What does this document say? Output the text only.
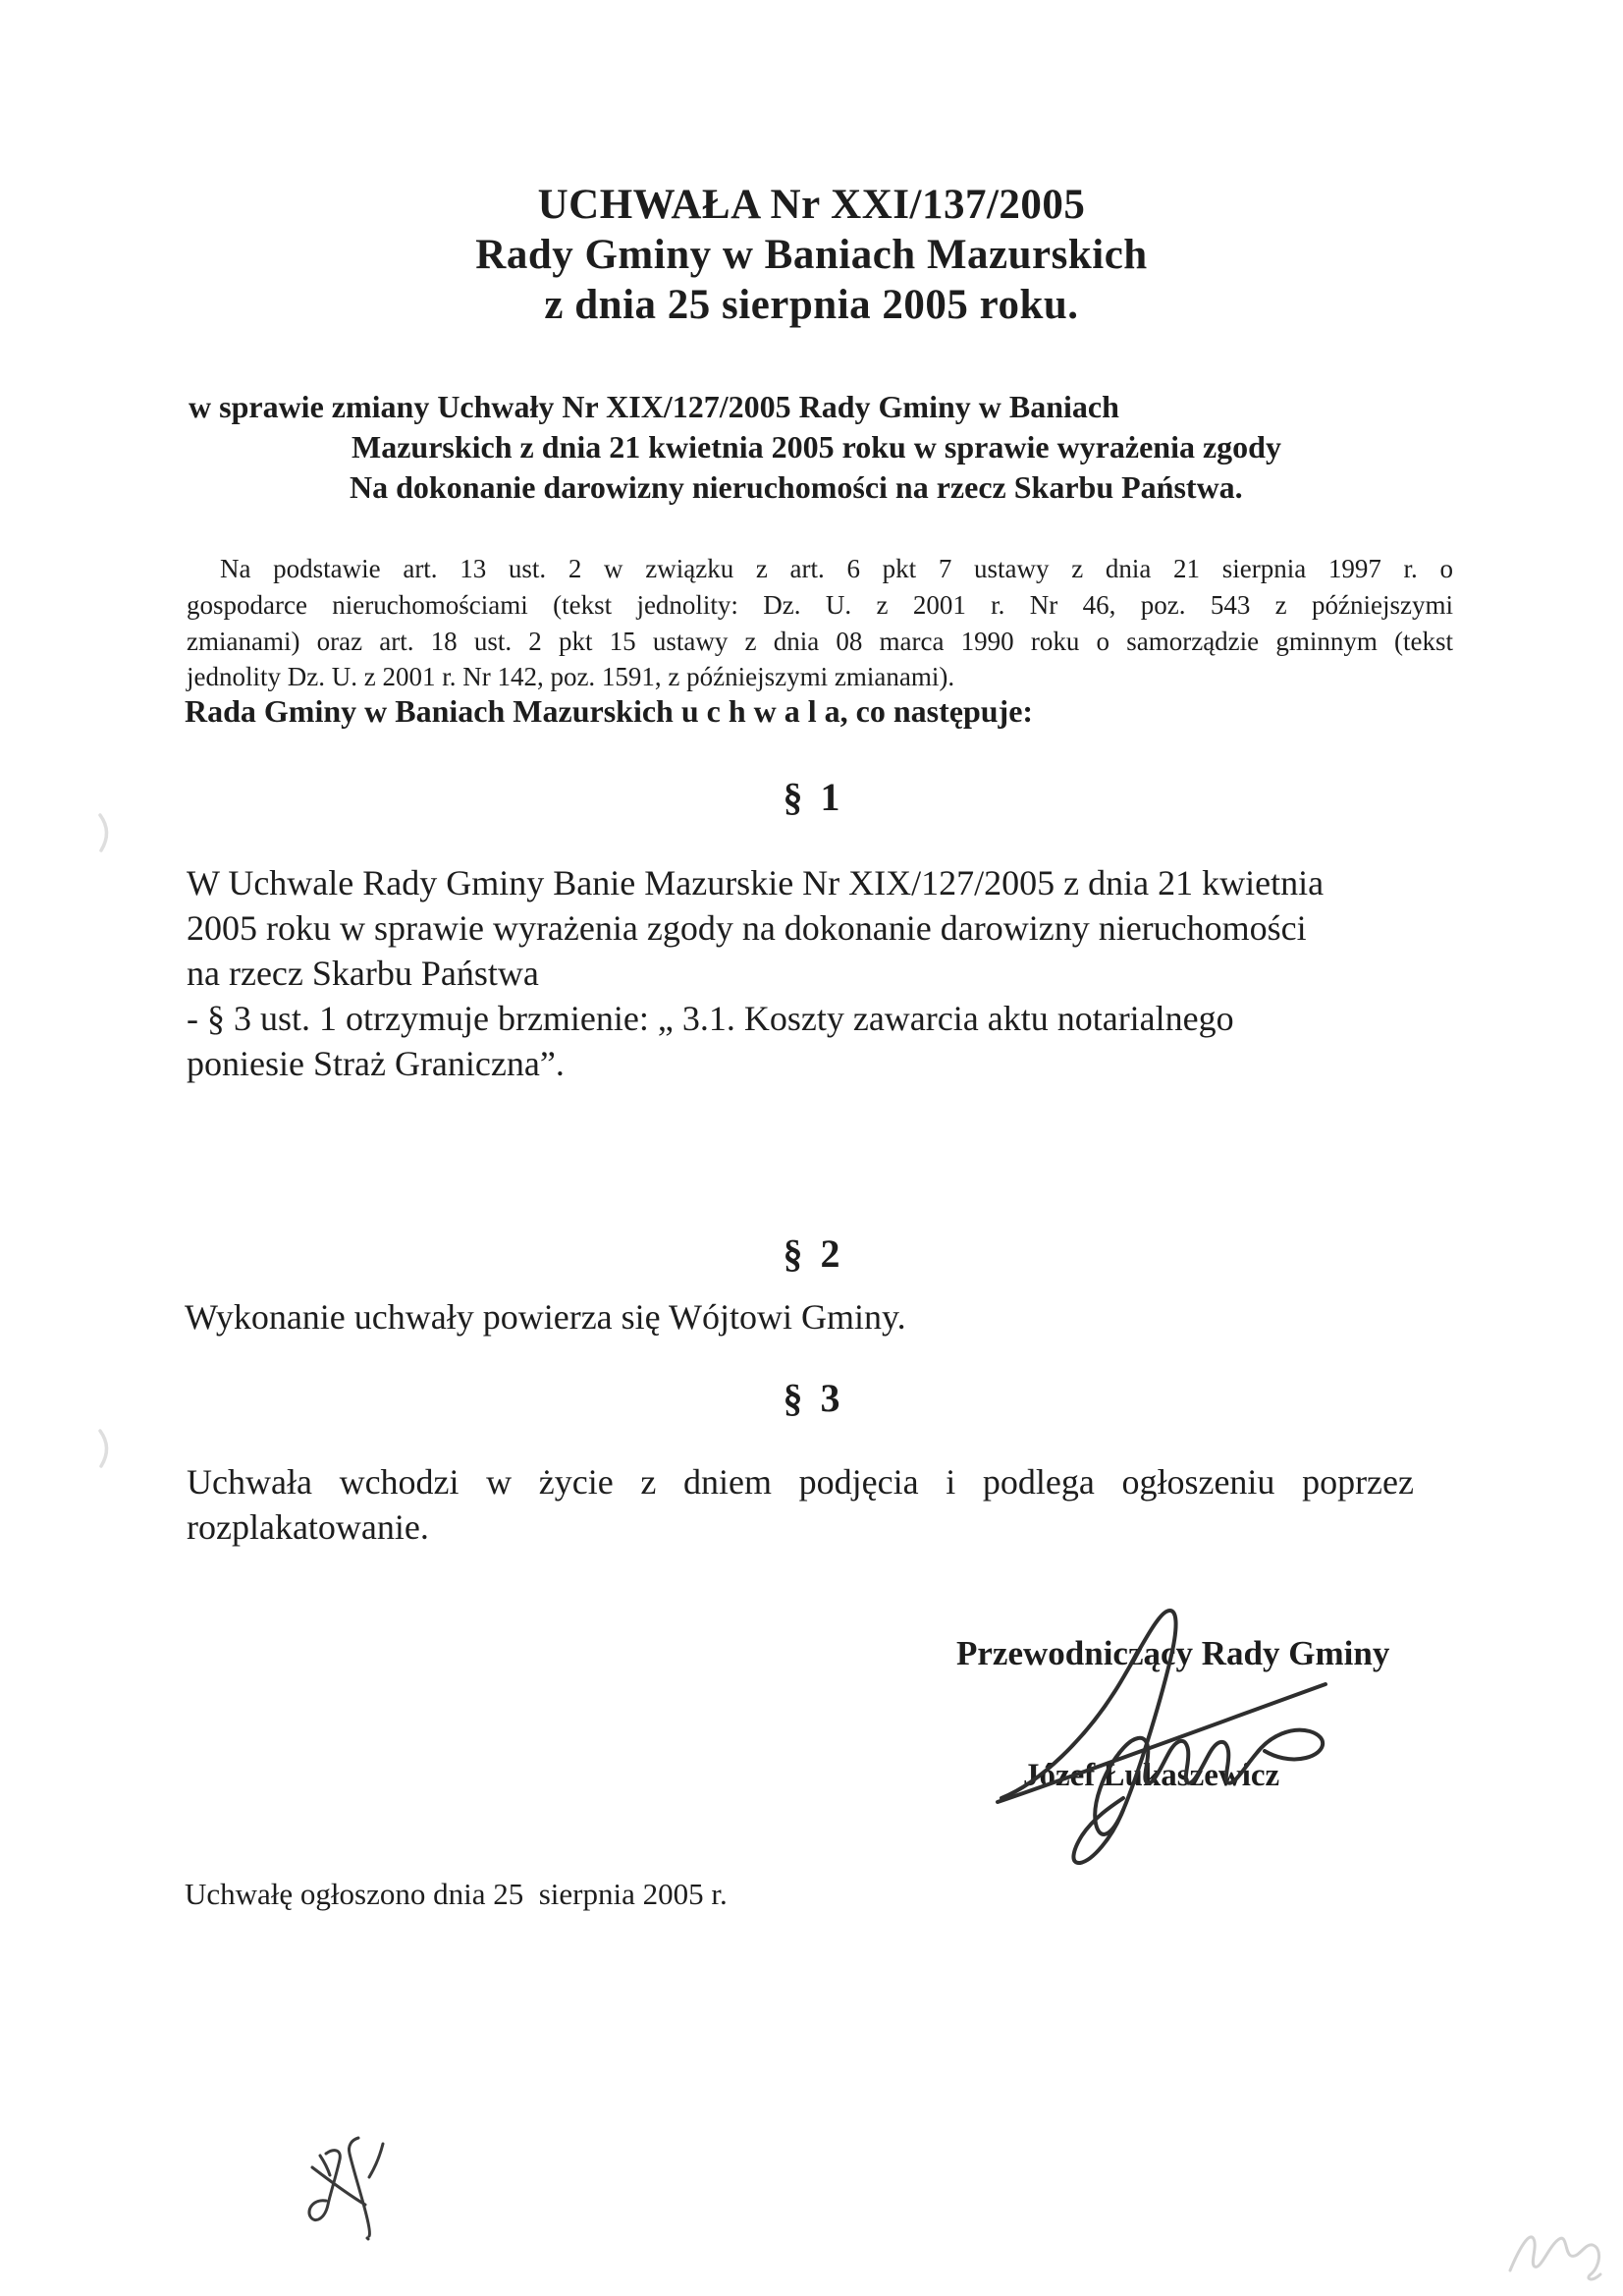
UCHWAŁA Nr XXI/137/2005
Rady Gminy w Baniach Mazurskich
z dnia 25 sierpnia 2005 roku.
w sprawie zmiany Uchwały Nr XIX/127/2005 Rady Gminy w Baniach
Mazurskich z dnia 21 kwietnia 2005 roku w sprawie wyrażenia zgody
Na dokonanie darowizny nieruchomości na rzecz Skarbu Państwa.
Na podstawie art. 13 ust. 2 w związku z art. 6 pkt 7 ustawy z dnia 21 sierpnia 1997 r. o
gospodarce nieruchomościami (tekst jednolity: Dz. U. z 2001 r. Nr 46, poz. 543 z późniejszymi
zmianami) oraz art. 18 ust. 2 pkt 15 ustawy z dnia 08 marca 1990 roku o samorządzie gminnym (tekst
jednolity Dz. U. z 2001 r. Nr 142, poz. 1591, z późniejszymi zmianami).
Rada Gminy w Baniach Mazurskich u c h w a l a, co następuje:
§ 1
W Uchwale Rady Gminy Banie Mazurskie Nr XIX/127/2005 z dnia 21 kwietnia
2005 roku w sprawie wyrażenia zgody na dokonanie darowizny nieruchomości
na rzecz Skarbu Państwa
- § 3 ust. 1 otrzymuje brzmienie: „ 3.1. Koszty zawarcia aktu notarialnego
poniesie Straż Graniczna”.
§ 2
Wykonanie uchwały powierza się Wójtowi Gminy.
§ 3
Uchwała wchodzi w życie z dniem podjęcia i podlega ogłoszeniu poprzez
rozplakatowanie.
Przewodniczący Rady Gminy
Józef Łukaszewicz
Uchwałę ogłoszono dnia 25  sierpnia 2005 r.
